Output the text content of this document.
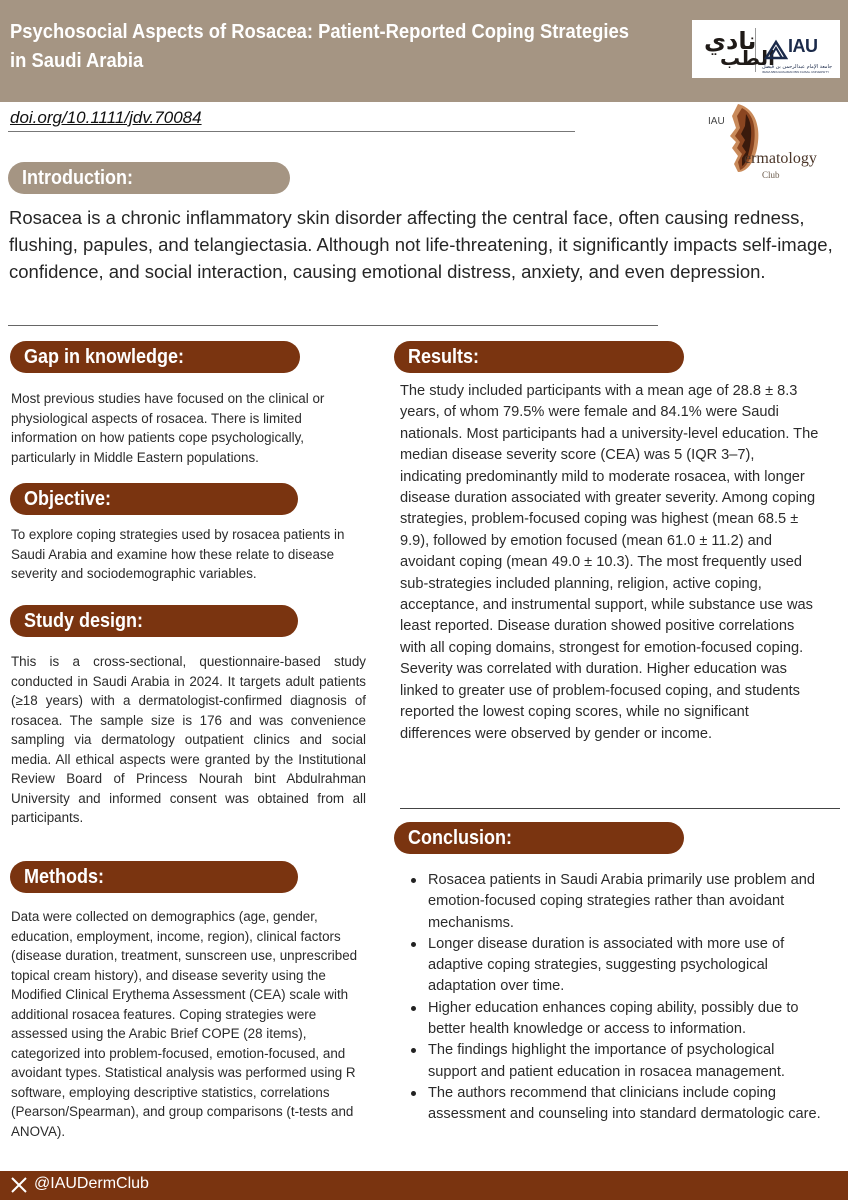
Psychosocial Aspects of Rosacea: Patient-Reported Coping Strategies in Saudi Arabia
نادي
الطب IAU
جامعة الإمام عبدالرحمن بن فيصل
IMAM ABDULRAHMAN BIN FAISAL UNIVERSITY
doi.org/10.1111/jdv.70084	IAU
ermatology
Club
Introduction:

Rosacea is a chronic inflammatory skin disorder affecting the central face, often causing redness, flushing, papules, and telangiectasia. Although not life-threatening, it significantly impacts self-image, confidence, and social interaction, causing emotional distress, anxiety, and even depression.

Gap in knowledge:

Most previous studies have focused on the clinical or physiological aspects of rosacea. There is limited information on how patients cope psychologically, particularly in Middle Eastern populations.

Objective:

To explore coping strategies used by rosacea patients in Saudi Arabia and examine how these relate to disease severity and sociodemographic variables.

Study design:

This is a cross-sectional, questionnaire-based study conducted in Saudi Arabia in 2024. It targets adult patients (≥18 years) with a dermatologist-confirmed diagnosis of rosacea. The sample size is 176 and was convenience sampling via dermatology outpatient clinics and social media. All ethical aspects were granted by the Institutional Review Board of Princess Nourah bint Abdulrahman University and informed consent was obtained from all participants.

Methods:

Data were collected on demographics (age, gender, education, employment, income, region), clinical factors (disease duration, treatment, sunscreen use, unprescribed topical cream history), and disease severity using the Modified Clinical Erythema Assessment (CEA) scale with additional rosacea features. Coping strategies were assessed using the Arabic Brief COPE (28 items), categorized into problem-focused, emotion-focused, and avoidant types. Statistical analysis was performed using R software, employing descriptive statistics, correlations (Pearson/Spearman), and group comparisons (t-tests and ANOVA).

Results:

The study included participants with a mean age of 28.8 ± 8.3 years, of whom 79.5% were female and 84.1% were Saudi nationals. Most participants had a university-level education. The median disease severity score (CEA) was 5 (IQR 3–7), indicating predominantly mild to moderate rosacea, with longer disease duration associated with greater severity. Among coping strategies, problem-focused coping was highest (mean 68.5 ± 9.9), followed by emotion focused (mean 61.0 ± 11.2) and avoidant coping (mean 49.0 ± 10.3). The most frequently used sub-strategies included planning, religion, active coping, acceptance, and instrumental support, while substance use was least reported. Disease duration showed positive correlations with all coping domains, strongest for emotion-focused coping. Severity was correlated with duration. Higher education was linked to greater use of problem-focused coping, and students reported the lowest coping scores, while no significant differences were observed by gender or income.

Conclusion:
Rosacea patients in Saudi Arabia primarily use problem and emotion-focused coping strategies rather than avoidant mechanisms.
Longer disease duration is associated with more use of adaptive coping strategies, suggesting psychological adaptation over time.
Higher education enhances coping ability, possibly due to better health knowledge or access to information.
The findings highlight the importance of psychological support and patient education in rosacea management.
The authors recommend that clinicians include coping assessment and counseling into standard dermatologic care.
@IAUDermClub
